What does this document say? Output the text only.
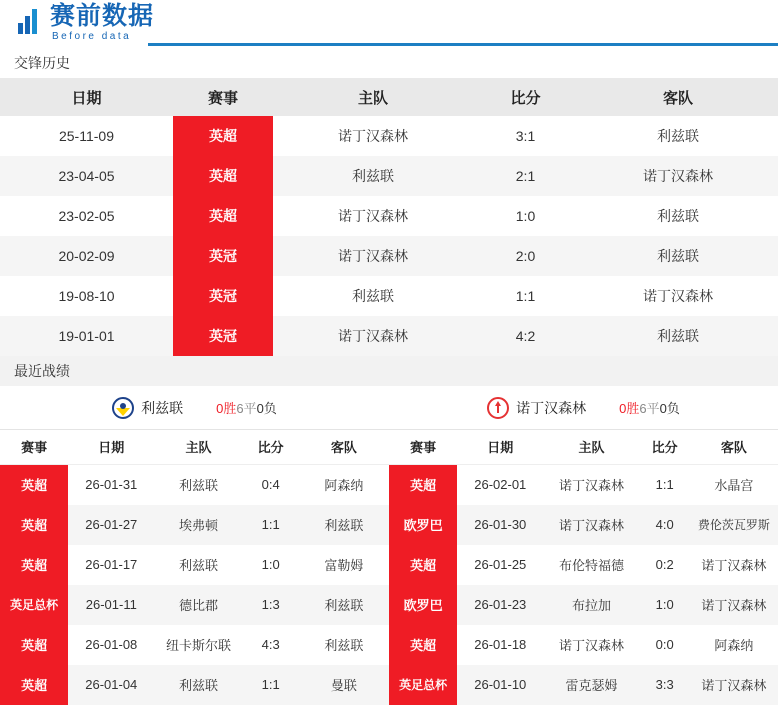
赛前数据
Before data
交锋历史
日期	赛事	主队	比分	客队
25-11-09	英超	诺丁汉森林	3:1	利兹联
23-04-05	英超	利兹联	2:1	诺丁汉森林
23-02-05	英超	诺丁汉森林	1:0	利兹联
20-02-09	英冠	诺丁汉森林	2:0	利兹联
19-08-10	英冠	利兹联	1:1	诺丁汉森林
19-01-01	英冠	诺丁汉森林	4:2	利兹联
最近战绩
利兹联	0胜6平0负
赛事	日期	主队	比分	客队

英超	26-01-31	利兹联	0:4	阿森纳

英超	26-01-27	埃弗顿	1:1	利兹联

英超	26-01-17	利兹联	1:0	富勒姆

英足总杯	26-01-11	德比郡	1:3	利兹联

英超	26-01-08	纽卡斯尔联	4:3	利兹联

英超	26-01-04	利兹联	1:1	曼联
诺丁汉森林	0胜6平0负
赛事	日期	主队	比分	客队

英超	26-02-01	诺丁汉森林	1:1	水晶宫

欧罗巴	26-01-30	诺丁汉森林	4:0	费伦茨瓦罗斯

英超	26-01-25	布伦特福德	0:2	诺丁汉森林

欧罗巴	26-01-23	布拉加	1:0	诺丁汉森林

英超	26-01-18	诺丁汉森林	0:0	阿森纳

英足总杯	26-01-10	雷克瑟姆	3:3	诺丁汉森林
